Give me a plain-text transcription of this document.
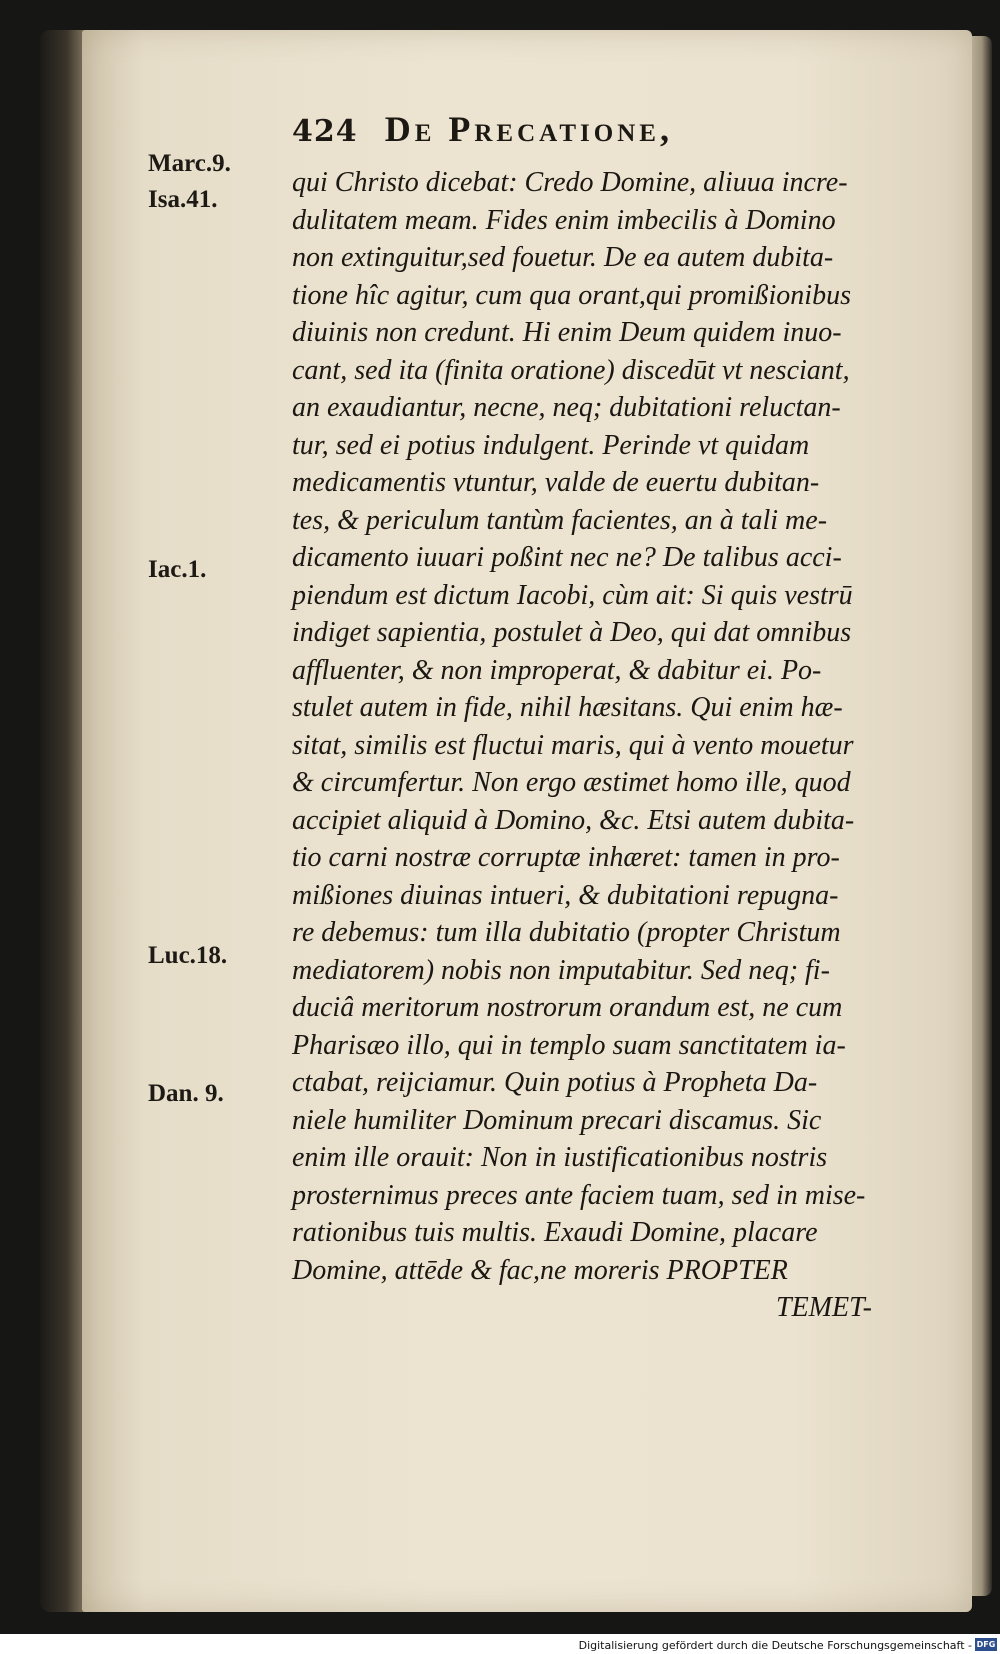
424 De Precatione,
Marc.9.
Isa.41.
Iac.1.
Luc.18.
Dan. 9.
qui Christo dicebat: Credo Domine, aliuua incre-
dulitatem meam. Fides enim imbecilis à Domino
non extinguitur,sed fouetur. De ea autem dubita-
tione hîc agitur, cum qua orant,qui promißionibus
diuinis non credunt. Hi enim Deum quidem inuo-
cant, sed ita (finita oratione) discedūt vt nesciant,
an exaudiantur, necne, neq; dubitationi reluctan-
tur, sed ei potius indulgent. Perinde vt quidam
medicamentis vtuntur, valde de euertu dubitan-
tes, & periculum tantùm facientes, an à tali me-
dicamento iuuari poßint nec ne? De talibus acci-
piendum est dictum Iacobi, cùm ait: Si quis vestrū
indiget sapientia, postulet à Deo, qui dat omnibus
affluenter, & non improperat, & dabitur ei. Po-
stulet autem in fide, nihil hæsitans. Qui enim hæ-
sitat, similis est fluctui maris, qui à vento mouetur
& circumfertur. Non ergo æstimet homo ille, quod
accipiet aliquid à Domino, &c. Etsi autem dubita-
tio carni nostræ corruptæ inhæret: tamen in pro-
mißiones diuinas intueri, & dubitationi repugna-
re debemus: tum illa dubitatio (propter Christum
mediatorem) nobis non imputabitur. Sed neq; fi-
duciâ meritorum nostrorum orandum est, ne cum
Pharisæo illo, qui in templo suam sanctitatem ia-
ctabat, reijciamur. Quin potius à Propheta Da-
niele humiliter Dominum precari discamus. Sic
enim ille orauit: Non in iustificationibus nostris
prosternimus preces ante faciem tuam, sed in mise-
rationibus tuis multis. Exaudi Domine, placare
Domine, attēde & fac,ne moreris PROPTER
TEMET-
Digitalisierung gefördert durch die Deutsche Forschungsgemeinschaft - DFG
